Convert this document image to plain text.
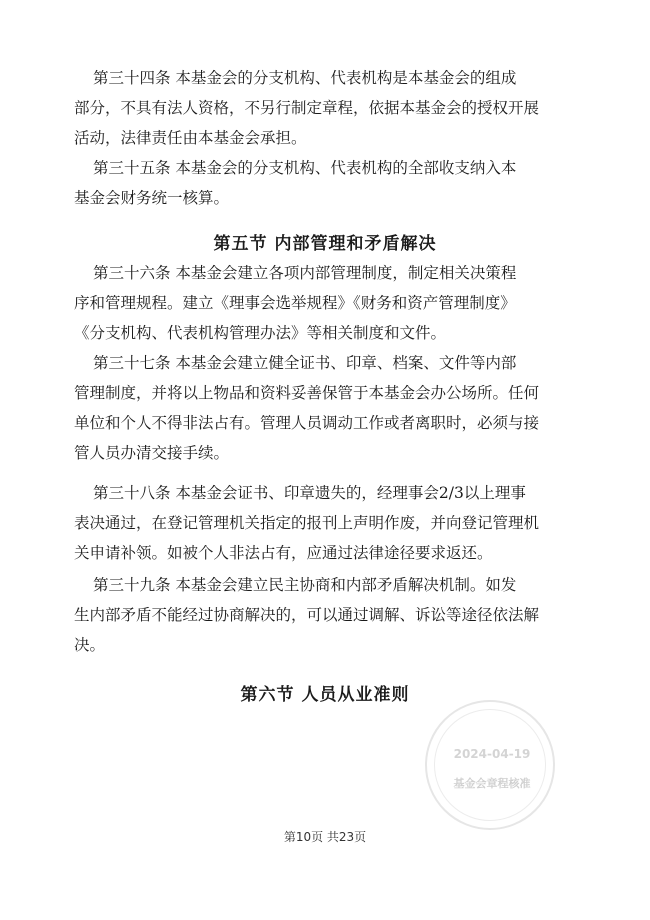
第三十四条 本基金会的分支机构、代表机构是本基金会的组成
部分，不具有法人资格，不另行制定章程，依据本基金会的授权开展
活动，法律责任由本基金会承担。
第三十五条 本基金会的分支机构、代表机构的全部收支纳入本
基金会财务统一核算。
第五节 内部管理和矛盾解决
第三十六条 本基金会建立各项内部管理制度，制定相关决策程
序和管理规程。建立《理事会选举规程》《财务和资产管理制度》
《分支机构、代表机构管理办法》等相关制度和文件。
第三十七条 本基金会建立健全证书、印章、档案、文件等内部
管理制度，并将以上物品和资料妥善保管于本基金会办公场所。任何
单位和个人不得非法占有。管理人员调动工作或者离职时，必须与接
管人员办清交接手续。
第三十八条 本基金会证书、印章遗失的，经理事会2/3以上理事
表决通过，在登记管理机关指定的报刊上声明作废，并向登记管理机
关申请补领。如被个人非法占有，应通过法律途径要求返还。
第三十九条 本基金会建立民主协商和内部矛盾解决机制。如发
生内部矛盾不能经过协商解决的，可以通过调解、诉讼等途径依法解
决。
第六节 人员从业准则
2024-04-19
基金会章程核准
第10页 共23页
